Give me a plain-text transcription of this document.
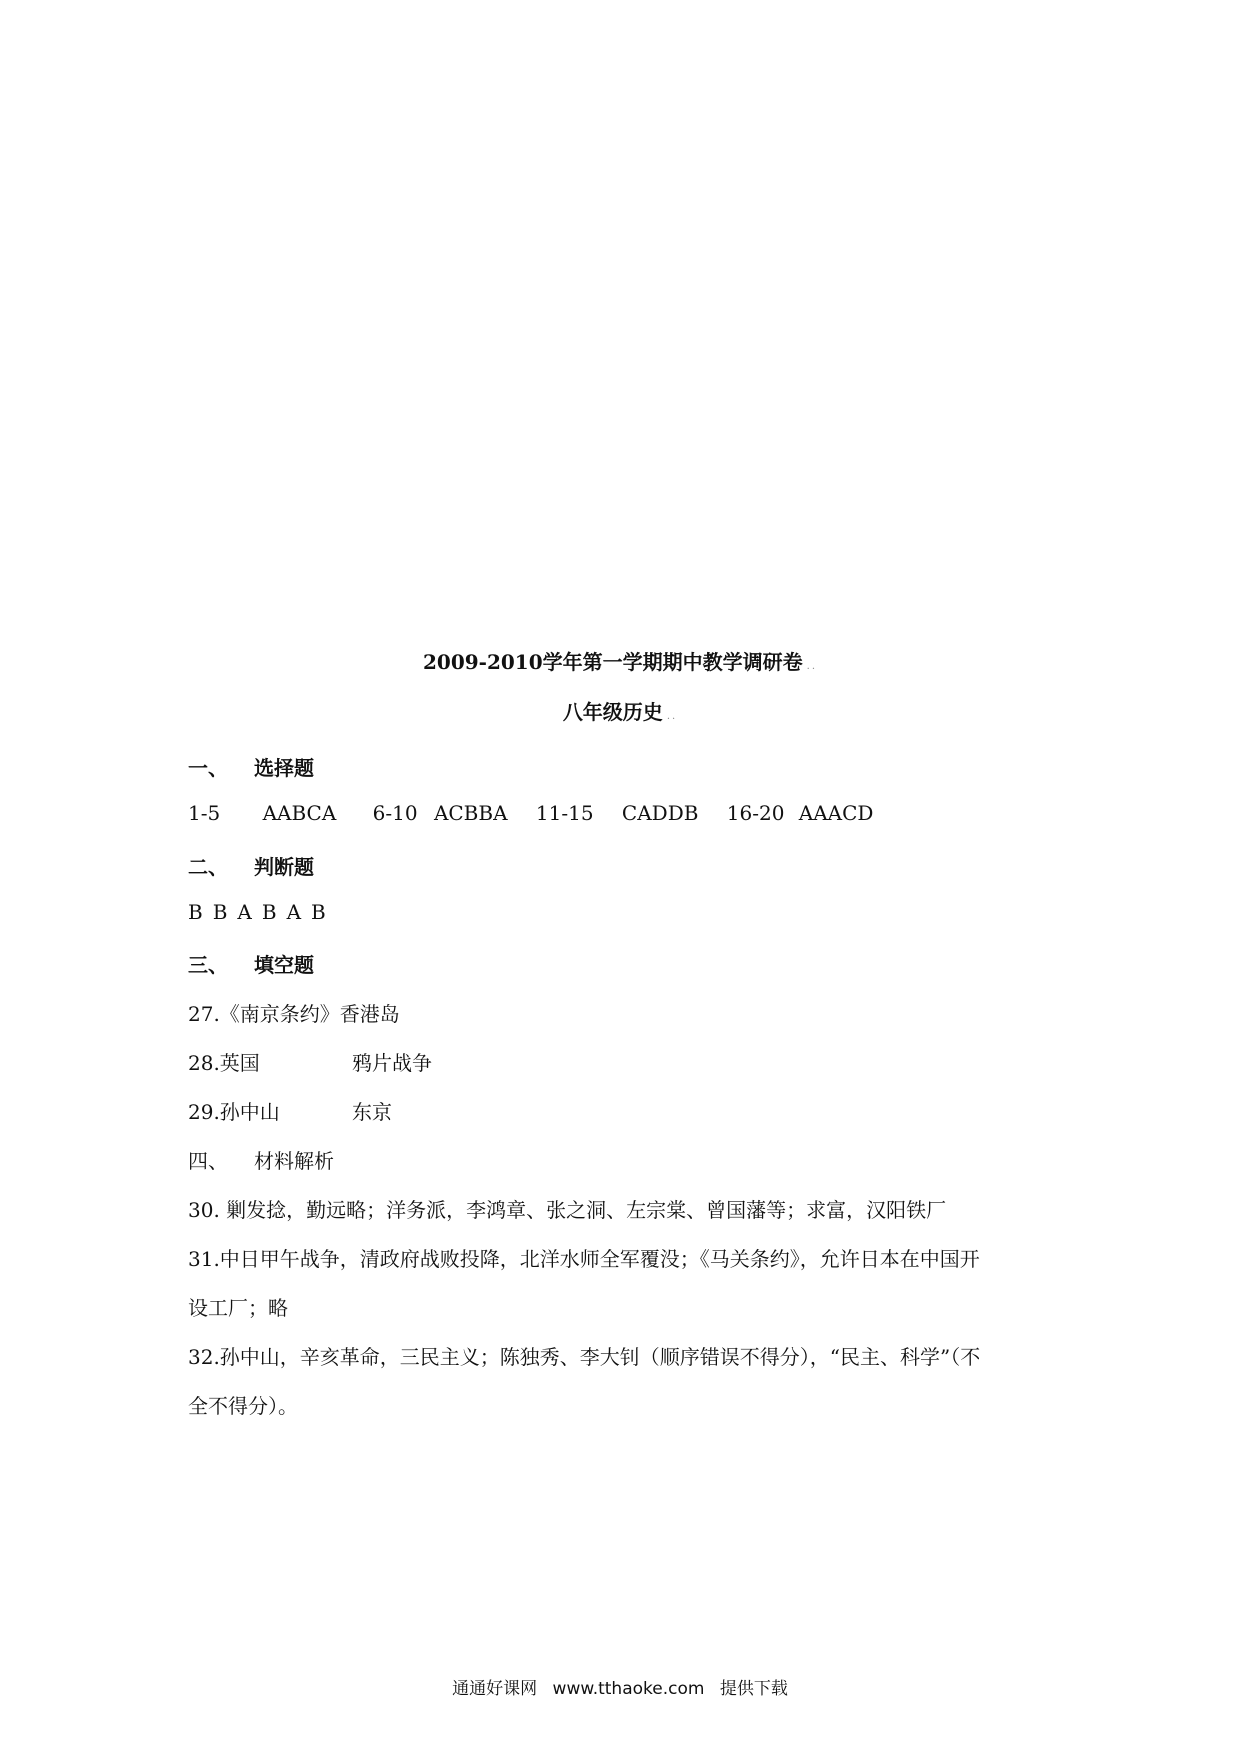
2009-2010学年第一学期期中教学调研卷 ..
八年级历史 ..
一、 选择题
1-5 AABCA 6-10 ACBBA 11-15 CADDB 16-20 AAACD
二、 判断题
B B A B A B
三、 填空题
27.《南京条约》香港岛
28.英国	鸦片战争
29.孙中山	东京
四、 材料解析
30. 剿发捻，勤远略；洋务派，李鸿章、张之洞、左宗棠、曾国藩等；求富，汉阳铁厂
31.中日甲午战争，清政府战败投降，北洋水师全军覆没；《马关条约》，允许日本在中国开
设工厂；略
32.孙中山，辛亥革命，三民主义；陈独秀、李大钊（顺序错误不得分），“民主、科学”（不
全不得分）。
通通好课网 www.tthaoke.com 提供下载
